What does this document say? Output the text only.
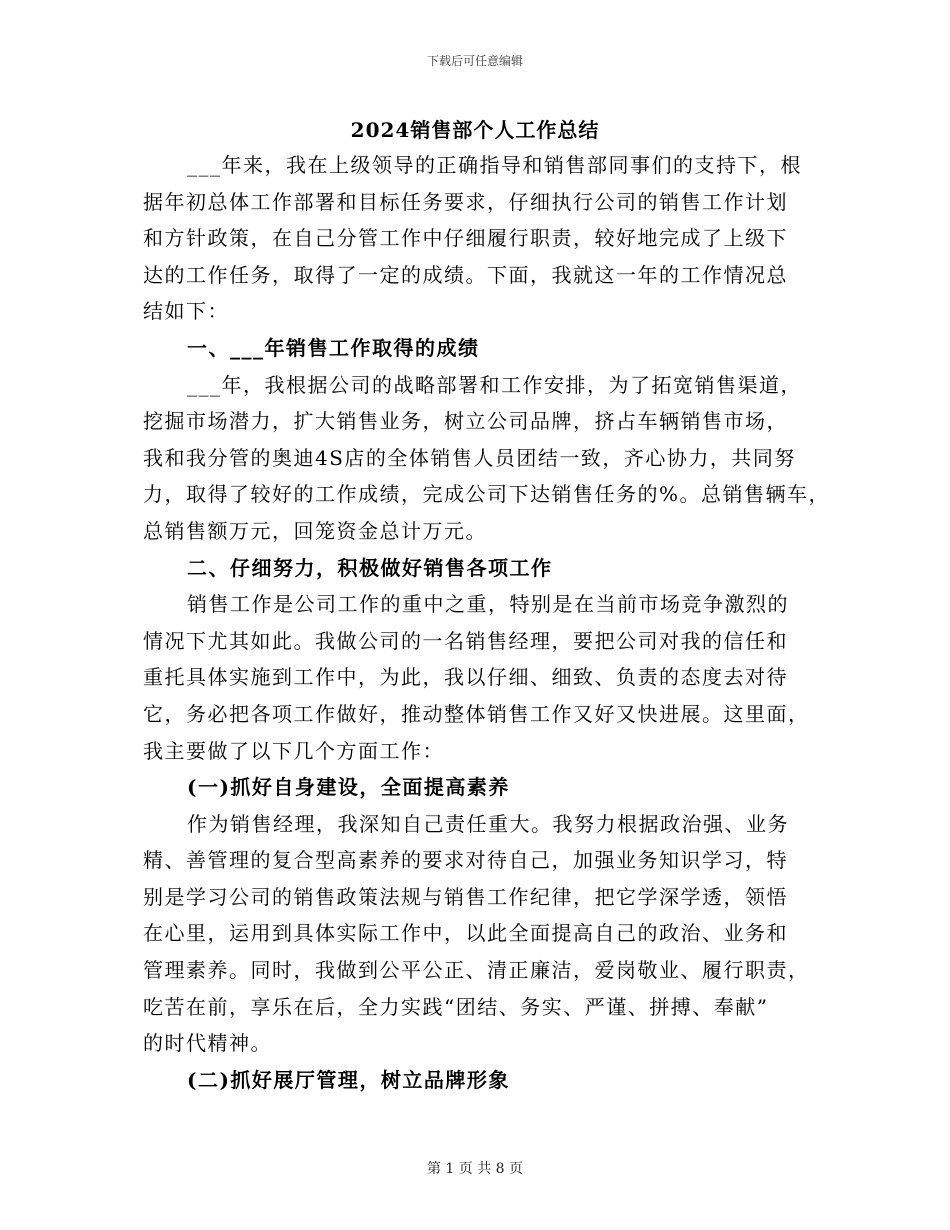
下载后可任意编辑
2024销售部个人工作总结
___年来，我在上级领导的正确指导和销售部同事们的支持下，根
据年初总体工作部署和目标任务要求，仔细执行公司的销售工作计划
和方针政策，在自己分管工作中仔细履行职责，较好地完成了上级下
达的工作任务，取得了一定的成绩。下面，我就这一年的工作情况总
结如下：
一、___年销售工作取得的成绩
___年，我根据公司的战略部署和工作安排，为了拓宽销售渠道，
挖掘市场潜力，扩大销售业务，树立公司品牌，挤占车辆销售市场，
我和我分管的奥迪4S店的全体销售人员团结一致，齐心协力，共同努
力，取得了较好的工作成绩，完成公司下达销售任务的%。总销售辆车，
总销售额万元，回笼资金总计万元。
二、仔细努力，积极做好销售各项工作
销售工作是公司工作的重中之重，特别是在当前市场竞争激烈的
情况下尤其如此。我做公司的一名销售经理，要把公司对我的信任和
重托具体实施到工作中，为此，我以仔细、细致、负责的态度去对待
它，务必把各项工作做好，推动整体销售工作又好又快进展。这里面，
我主要做了以下几个方面工作：
(一)抓好自身建设，全面提高素养
作为销售经理，我深知自己责任重大。我努力根据政治强、业务
精、善管理的复合型高素养的要求对待自己，加强业务知识学习，特
别是学习公司的销售政策法规与销售工作纪律，把它学深学透，领悟
在心里，运用到具体实际工作中，以此全面提高自己的政治、业务和
管理素养。同时，我做到公平公正、清正廉洁，爱岗敬业、履行职责，
吃苦在前，享乐在后，全力实践“团结、务实、严谨、拼搏、奉献”
的时代精神。
(二)抓好展厅管理，树立品牌形象
第 1 页 共 8 页
